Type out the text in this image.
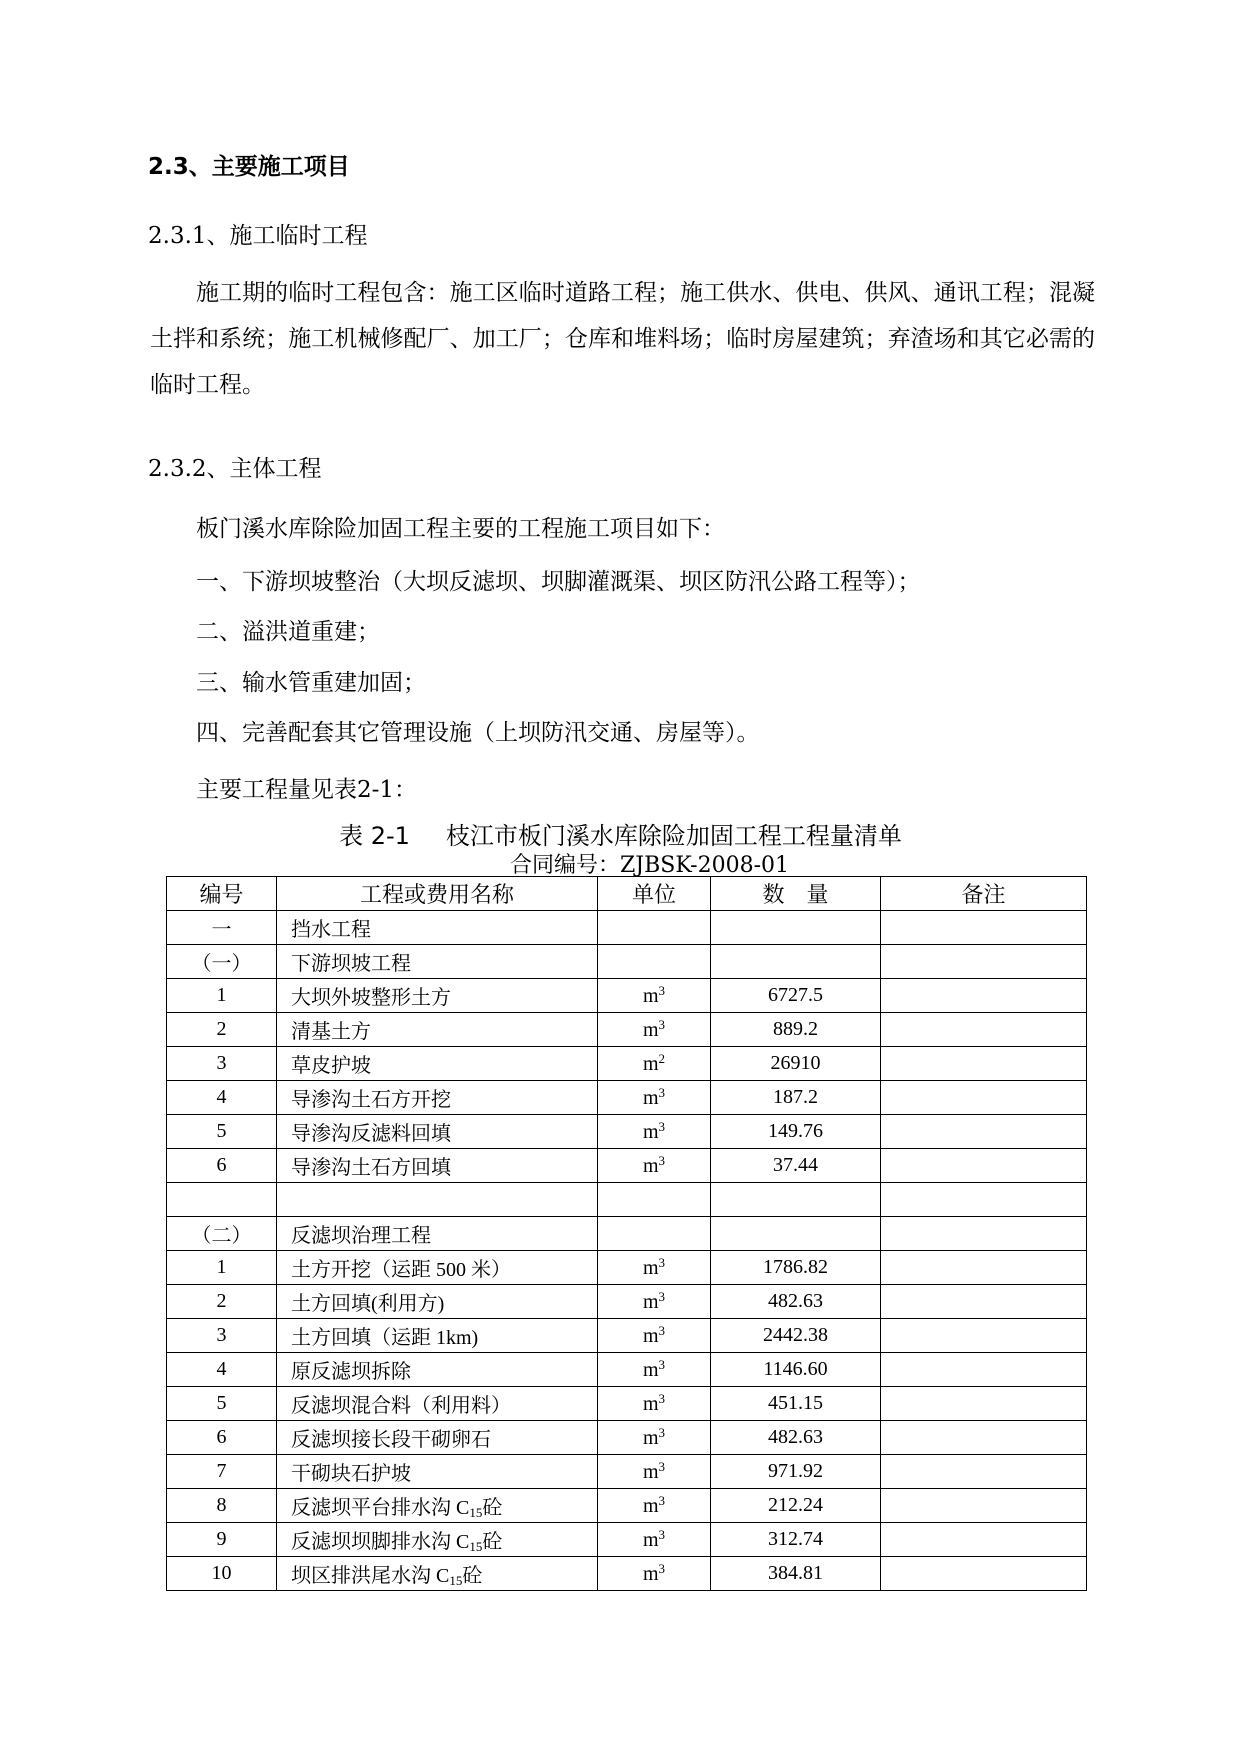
2.3、主要施工项目
2.3.1、施工临时工程
施工期的临时工程包含：施工区临时道路工程；施工供水、供电、供风、通讯工程；混凝土拌和系统；施工机械修配厂、加工厂；仓库和堆料场；临时房屋建筑；弃渣场和其它必需的临时工程。
2.3.2、主体工程
板门溪水库除险加固工程主要的工程施工项目如下：
一、下游坝坡整治（大坝反滤坝、坝脚灌溉渠、坝区防汛公路工程等）；
二、溢洪道重建；
三、输水管重建加固；
四、完善配套其它管理设施（上坝防汛交通、房屋等）。
主要工程量见表2-1：
表 2-1 枝江市板门溪水库除险加固工程工程量清单
合同编号：ZJBSK-2008-01
编号	工程或费用名称	单位	数　量	备注
一	挡水工程			
（一）	下游坝坡工程			
1	大坝外坡整形土方	$m^3$	6727.5	
2	清基土方	$m^3$	889.2	
3	草皮护坡	$m^2$	26910	
4	导渗沟土石方开挖	$m^3$	187.2	
5	导渗沟反滤料回填	$m^3$	149.76	
6	导渗沟土石方回填	$m^3$	37.44	

（二）	反滤坝治理工程			
1	土方开挖（运距 500 米）	$m^3$	1786.82	
2	土方回填(利用方)	$m^3$	482.63	
3	土方回填（运距 1km)	$m^3$	2442.38	
4	原反滤坝拆除	$m^3$	1146.60	
5	反滤坝混合料（利用料）	$m^3$	451.15	
6	反滤坝接长段干砌卵石	$m^3$	482.63	
7	干砌块石护坡	$m^3$	971.92	
8	反滤坝平台排水沟 $C_{15}$砼	$m^3$	212.24	
9	反滤坝坝脚排水沟 $C_{15}$砼	$m^3$	312.74	
10	坝区排洪尾水沟 $C_{15}$砼	$m^3$	384.81	
